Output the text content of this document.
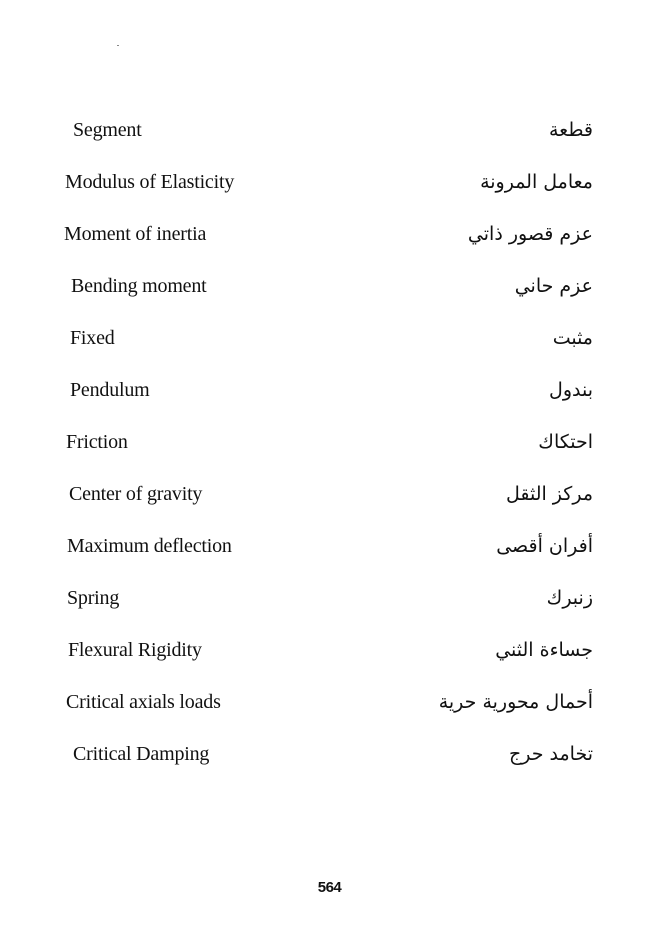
Segment	قطعة
Modulus of Elasticity	معامل المرونة
Moment of inertia	عزم قصور ذاتي
Bending moment	عزم حاني
Fixed	مثبت
Pendulum	بندول
Friction	احتكاك
Center of gravity	مركز الثقل
Maximum deflection	أفران أقصى
Spring	زنبرك
Flexural Rigidity	جساءة الثني
Critical axials loads	أحمال محورية حرية
Critical Damping	تخامد حرج
564
